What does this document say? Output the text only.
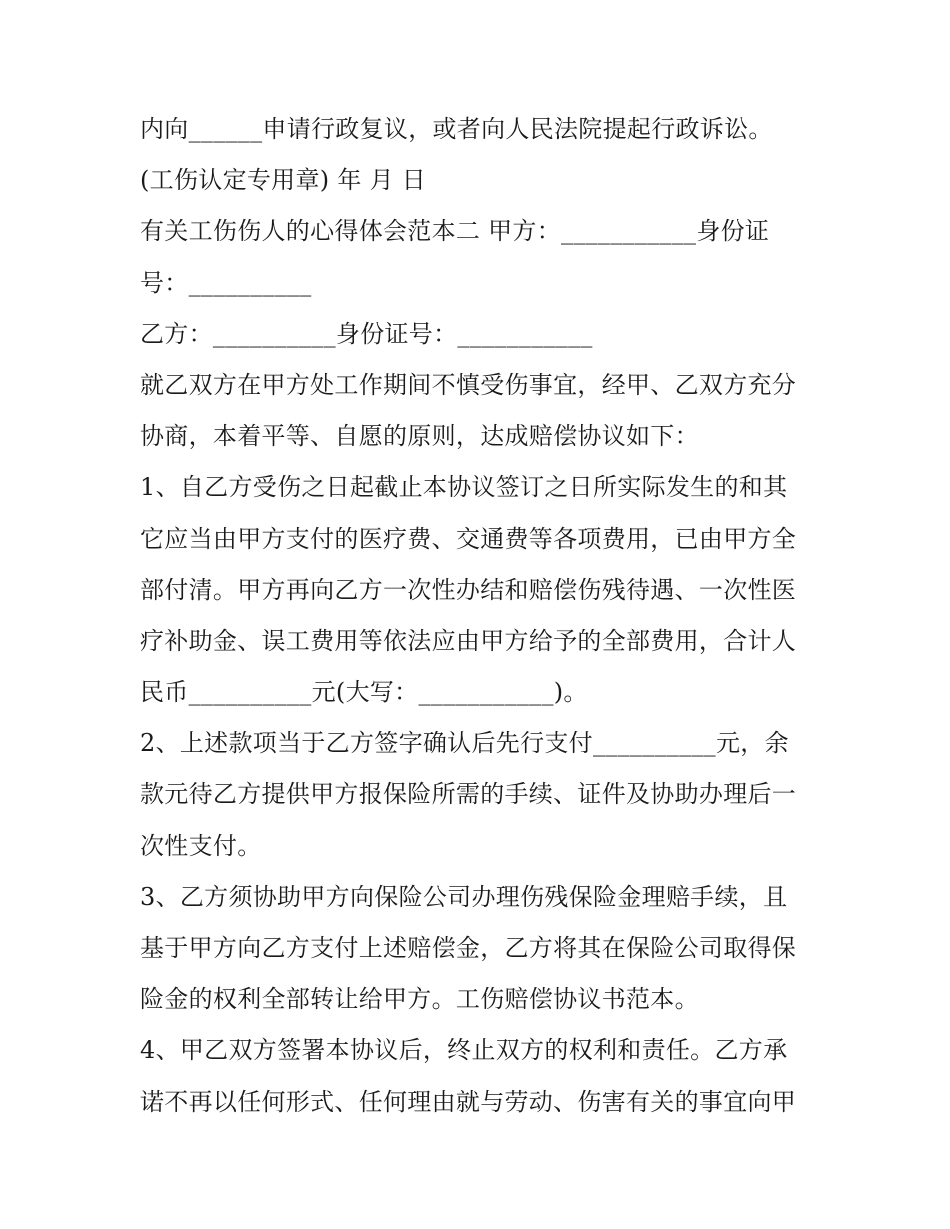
内向______申请行政复议，或者向人民法院提起行政诉讼。
(工伤认定专用章) 年 月 日
有关工伤伤人的心得体会范本二 甲方：___________身份证
号：__________
乙方：__________身份证号：___________
就乙双方在甲方处工作期间不慎受伤事宜，经甲、乙双方充分
协商，本着平等、自愿的原则，达成赔偿协议如下：
1、自乙方受伤之日起截止本协议签订之日所实际发生的和其
它应当由甲方支付的医疗费、交通费等各项费用，已由甲方全
部付清。甲方再向乙方一次性办结和赔偿伤残待遇、一次性医
疗补助金、误工费用等依法应由甲方给予的全部费用，合计人
民币__________元(大写：___________)。
2、上述款项当于乙方签字确认后先行支付__________元，余
款元待乙方提供甲方报保险所需的手续、证件及协助办理后一
次性支付。
3、乙方须协助甲方向保险公司办理伤残保险金理赔手续，且
基于甲方向乙方支付上述赔偿金，乙方将其在保险公司取得保
险金的权利全部转让给甲方。工伤赔偿协议书范本。
4、甲乙双方签署本协议后，终止双方的权利和责任。乙方承
诺不再以任何形式、任何理由就与劳动、伤害有关的事宜向甲
